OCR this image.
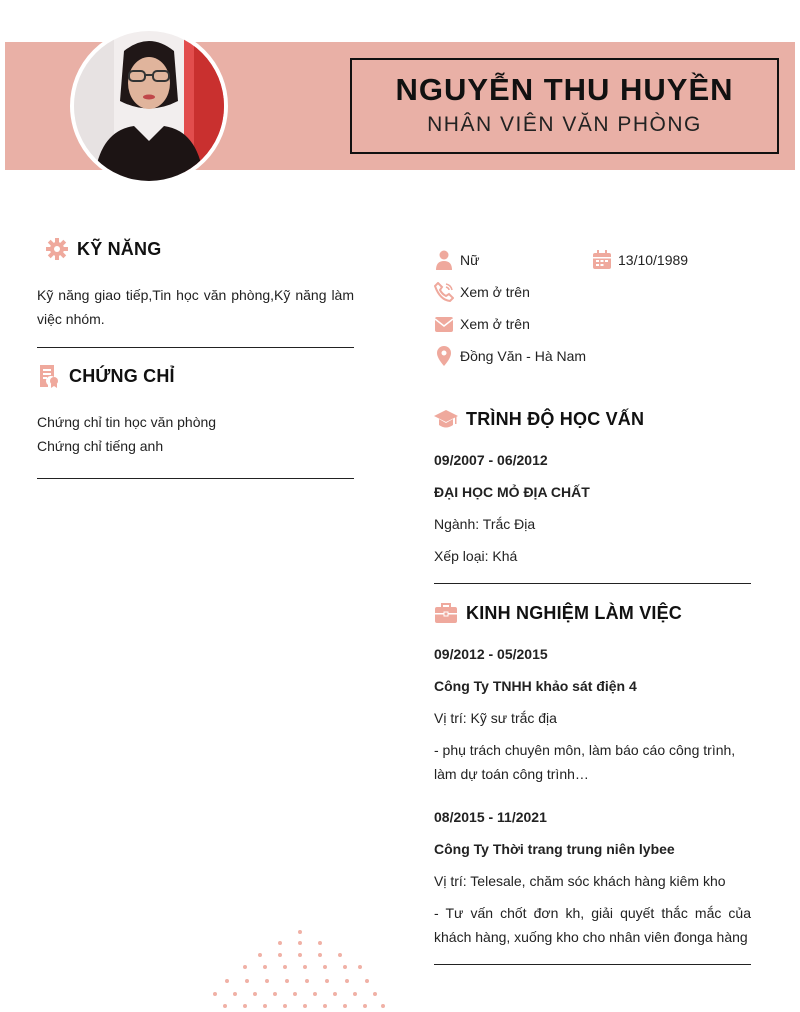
NGUYỄN THU HUYỀN
NHÂN VIÊN VĂN PHÒNG
KỸ NĂNG
Kỹ năng giao tiếp,Tin học văn phòng,Kỹ năng làm việc nhóm.
CHỨNG CHỈ
Chứng chỉ tin học văn phòng
Chứng chỉ tiếng anh
Nữ	13/10/1989
Xem ở trên
Xem ở trên
Đồng Văn - Hà Nam
TRÌNH ĐỘ HỌC VẤN
09/2007 - 06/2012
ĐẠI HỌC MỎ ĐỊA CHẤT
Ngành: Trắc Địa
Xếp loại: Khá
KINH NGHIỆM LÀM VIỆC
09/2012 - 05/2015
Công Ty TNHH khảo sát điện 4
Vị trí: Kỹ sư trắc địa
- phụ trách chuyên môn, làm báo cáo công trình, làm dự toán công trình…
08/2015 - 11/2021
Công Ty Thời trang trung niên lybee
Vị trí: Telesale, chăm sóc khách hàng kiêm kho
- Tư vấn chốt đơn kh, giải quyết thắc mắc của khách hàng, xuống kho cho nhân viên đonga hàng
